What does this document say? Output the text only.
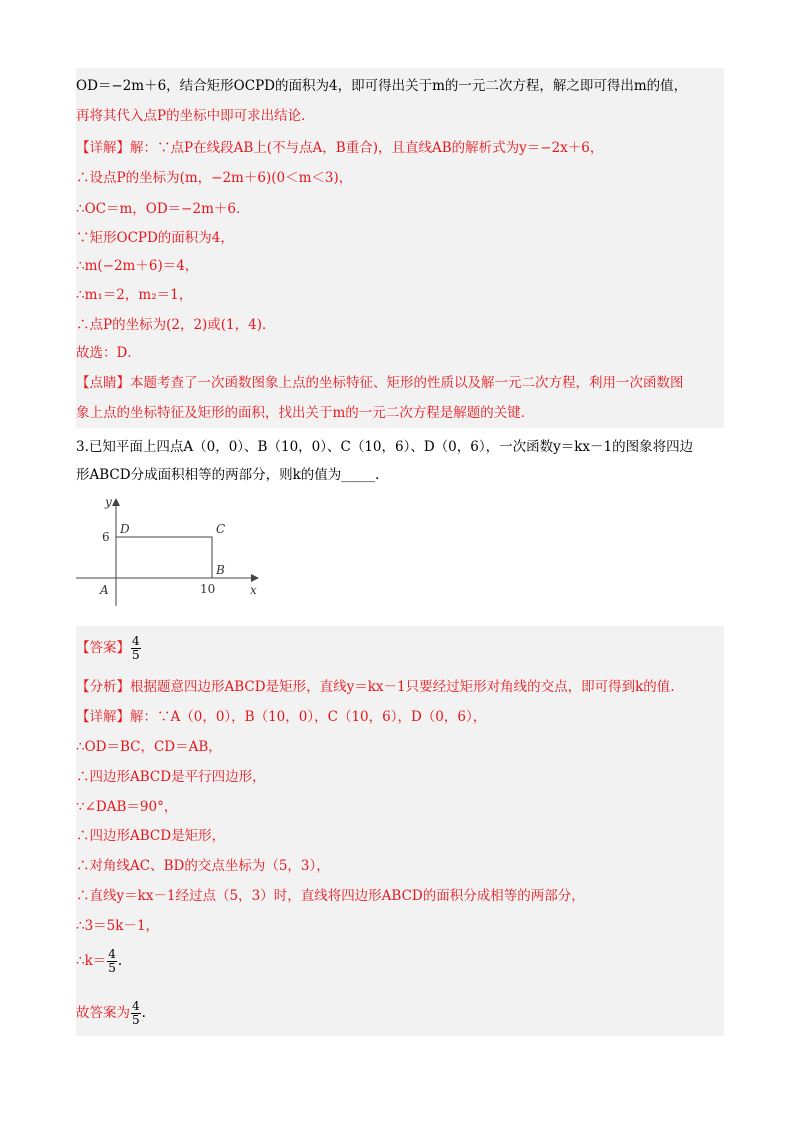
OD＝−2m＋6，结合矩形OCPD的面积为4，即可得出关于m的一元二次方程，解之即可得出m的值，
再将其代入点P的坐标中即可求出结论．
【详解】解：∵点P在线段AB上(不与点A，B重合)，且直线AB的解析式为y＝−2x＋6，
∴设点P的坐标为(m，−2m＋6)(0＜m＜3)，
∴OC＝m，OD＝−2m＋6．
∵矩形OCPD的面积为4，
∴m(−2m＋6)＝4，
∴m₁＝2，m₂＝1，
∴点P的坐标为(2，2)或(1，4)．
故选：D．
【点睛】本题考查了一次函数图象上点的坐标特征、矩形的性质以及解一元二次方程，利用一次函数图
象上点的坐标特征及矩形的面积，找出关于m的一元二次方程是解题的关键．
3.已知平面上四点A（0，0）、B（10，0）、C（10，6）、D（0，6），一次函数y＝kx－1的图象将四边
形ABCD分成面积相等的两部分，则k的值为_____.
y
x
D	C
B
A
6
10
【答案】 $\frac{4}{5}$
【分析】根据题意四边形ABCD是矩形，直线y＝kx－1只要经过矩形对角线的交点，即可得到k的值.
【详解】解：∵A（0，0），B（10，0），C（10，6），D（0，6），
∴OD＝BC，CD＝AB，
∴四边形ABCD是平行四边形，
∵∠DAB＝90°，
∴四边形ABCD是矩形，
∴对角线AC、BD的交点坐标为（5，3），
∴直线y＝kx－1经过点（5，3）时，直线将四边形ABCD的面积分成相等的两部分，
∴3＝5k－1，
∴k＝ $\frac{4}{5}$ .
故答案为 $\frac{4}{5}$ .
